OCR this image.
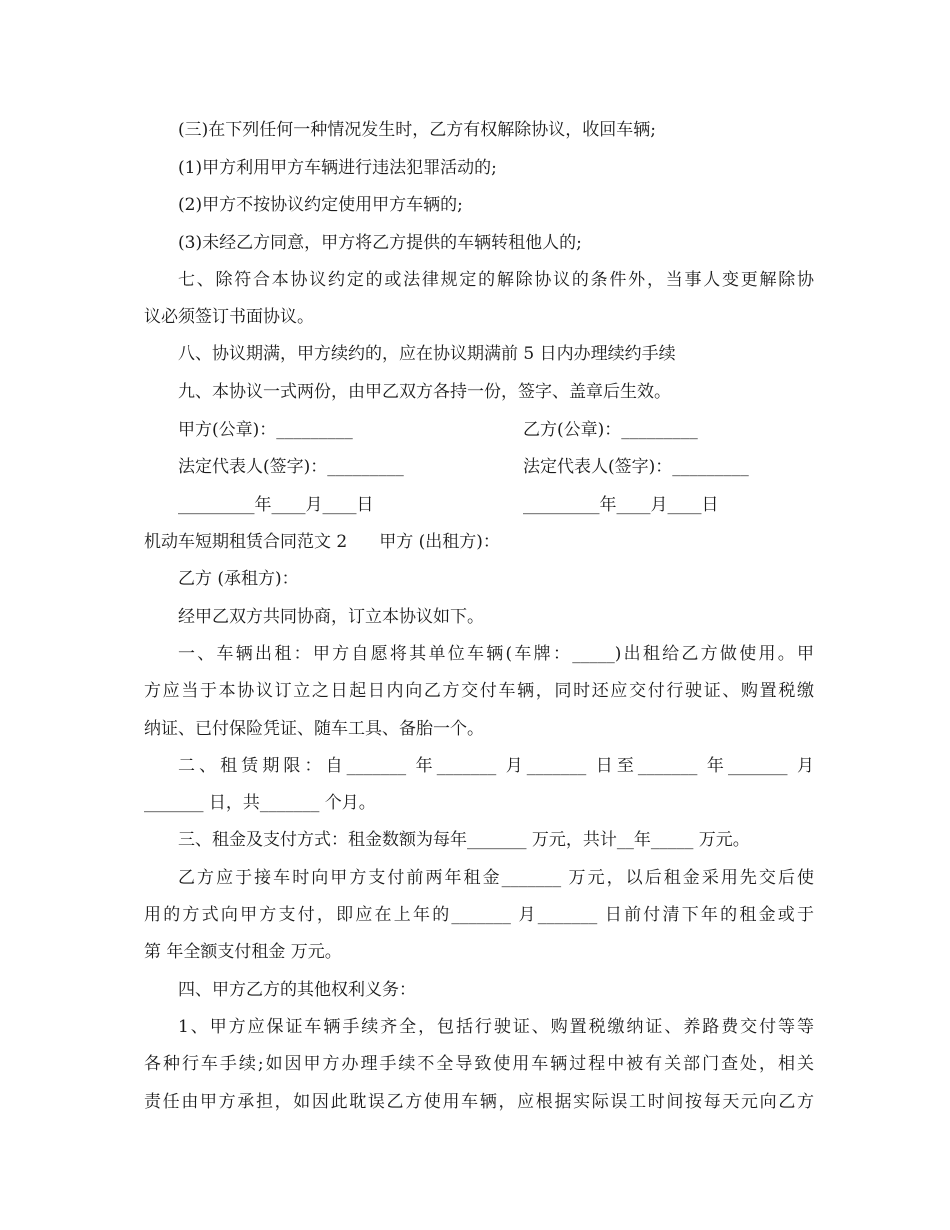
(三)在下列任何一种情况发生时，乙方有权解除协议，收回车辆;
(1)甲方利用甲方车辆进行违法犯罪活动的;
(2)甲方不按协议约定使用甲方车辆的;
(3)未经乙方同意，甲方将乙方提供的车辆转租他人的;
七、除符合本协议约定的或法律规定的解除协议的条件外，当事人变更解除协
议必须签订书面协议。
八、协议期满，甲方续约的，应在协议期满前 5 日内办理续约手续
九、本协议一式两份，由甲乙双方各持一份，签字、盖章后生效。
甲方(公章)：_________	乙方(公章)：_________
法定代表人(签字)：_________	法定代表人(签字)：_________
_________年____月____日	_________年____月____日
机动车短期租赁合同范文 2 甲方 (出租方)：
乙方 (承租方)：
经甲乙双方共同协商，订立本协议如下。
一、车辆出租：甲方自愿将其单位车辆(车牌：_____)出租给乙方做使用。甲
方应当于本协议订立之日起日内向乙方交付车辆，同时还应交付行驶证、购置税缴
纳证、已付保险凭证、随车工具、备胎一个。
二、租赁期限：自_______ 年_______ 月_______ 日至_______ 年_______ 月
_______ 日，共_______ 个月。
三、租金及支付方式：租金数额为每年_______ 万元，共计__年_____ 万元。
乙方应于接车时向甲方支付前两年租金_______ 万元，以后租金采用先交后使
用的方式向甲方支付，即应在上年的_______ 月_______ 日前付清下年的租金或于
第 年全额支付租金 万元。
四、甲方乙方的其他权利义务：
1、甲方应保证车辆手续齐全，包括行驶证、购置税缴纳证、养路费交付等等
各种行车手续;如因甲方办理手续不全导致使用车辆过程中被有关部门查处，相关
责任由甲方承担，如因此耽误乙方使用车辆，应根据实际误工时间按每天元向乙方
